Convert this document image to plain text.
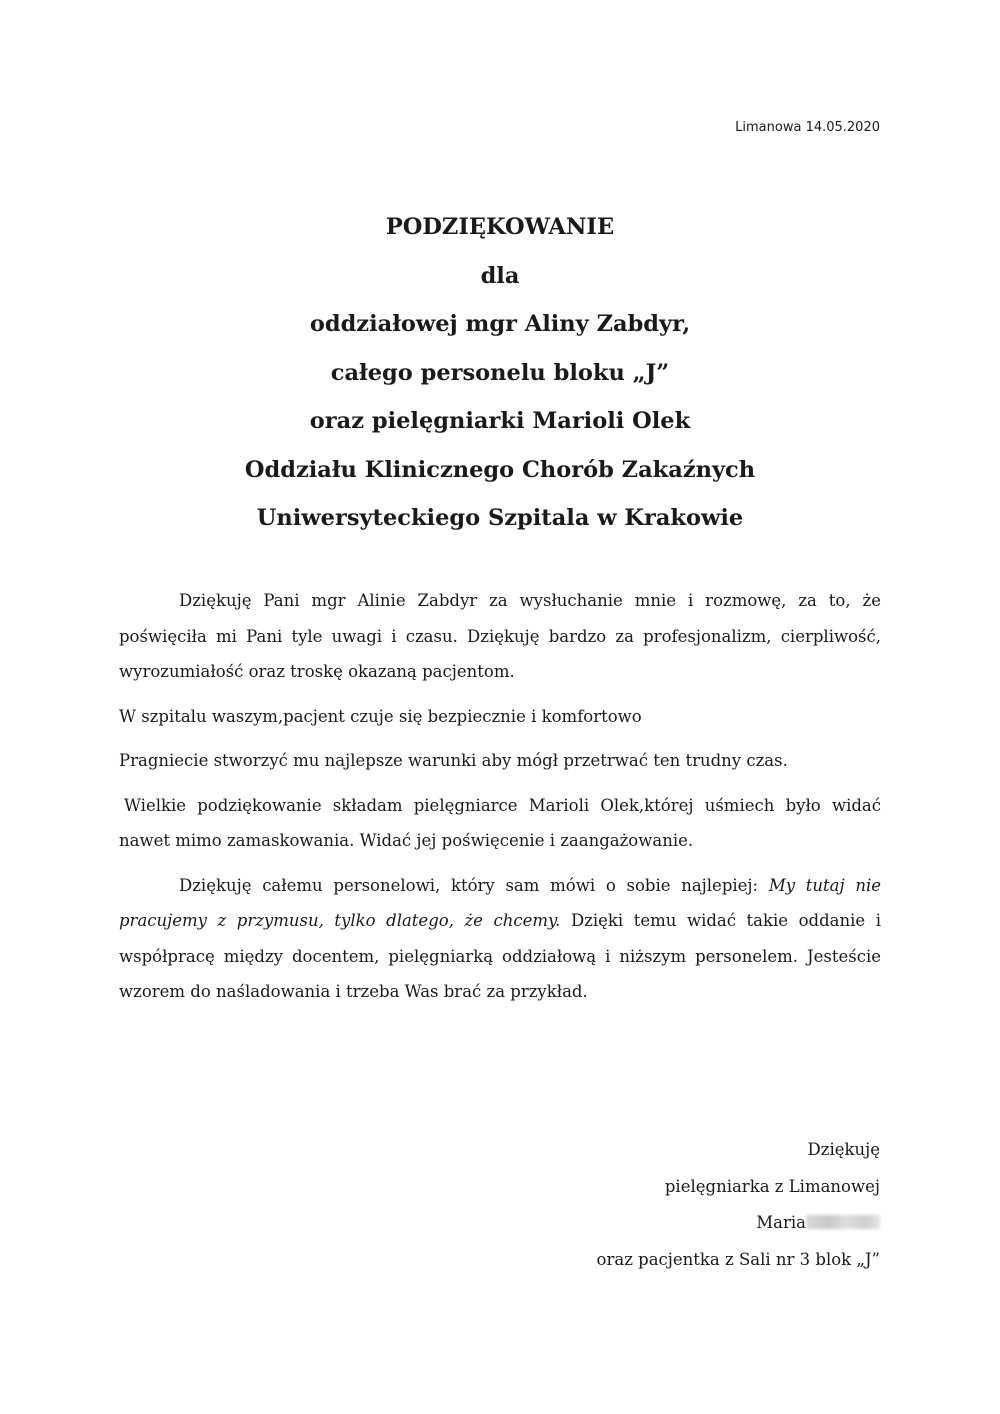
Limanowa 14.05.2020
PODZIĘKOWANIE
dla
oddziałowej mgr Aliny Zabdyr,
całego personelu bloku „J”
oraz pielęgniarki Marioli Olek
Oddziału Klinicznego Chorób Zakaźnych
Uniwersyteckiego Szpitala w Krakowie

Dziękuję Pani mgr Alinie Zabdyr za wysłuchanie mnie i rozmowę, za to, że poświęciła mi Pani tyle uwagi i czasu. Dziękuję bardzo za profesjonalizm, cierpliwość, wyrozumiałość oraz troskę okazaną pacjentom.

W szpitalu waszym,pacjent czuje się bezpiecznie i komfortowo

Pragniecie stworzyć mu najlepsze warunki aby mógł przetrwać ten trudny czas.

Wielkie podziękowanie składam pielęgniarce Marioli Olek,której uśmiech było widać nawet mimo zamaskowania. Widać jej poświęcenie i zaangażowanie.

Dziękuję całemu personelowi, który sam mówi o sobie najlepiej: My tutaj nie pracujemy z przymusu, tylko dlatego, że chcemy. Dzięki temu widać takie oddanie i współpracę między docentem, pielęgniarką oddziałową i niższym personelem. Jesteście wzorem do naśladowania i trzeba Was brać za przykład.

Dziękuję
pielęgniarka z Limanowej
Maria
oraz pacjentka z Sali nr 3 blok „J”
